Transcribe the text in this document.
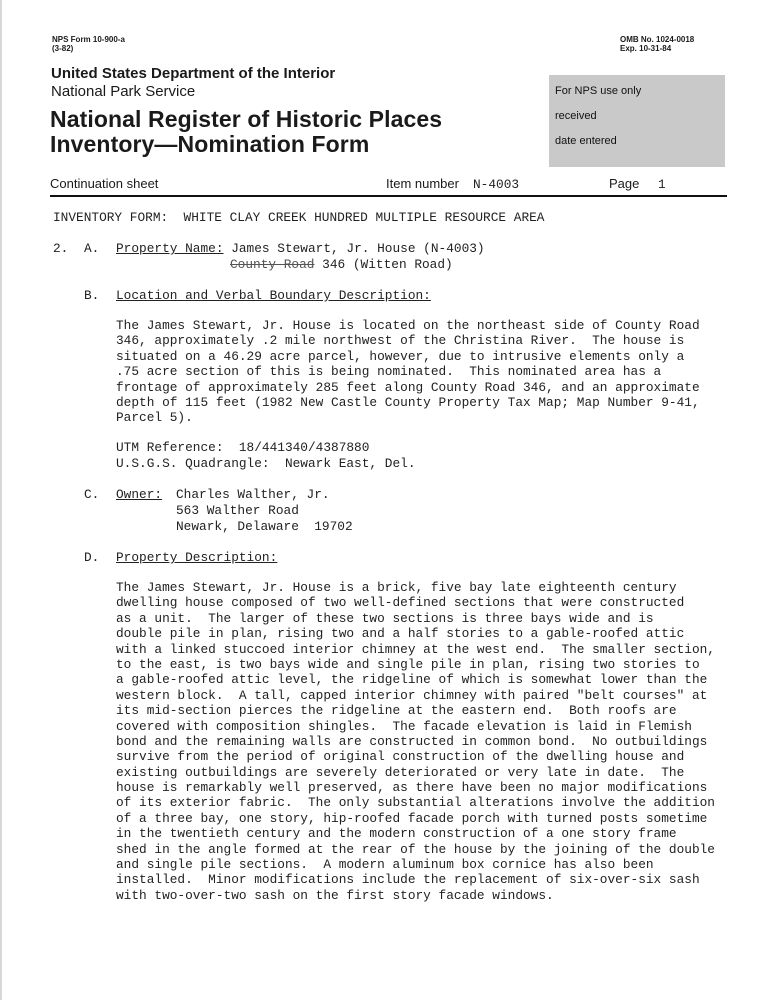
NPS Form 10-900-a
(3-82)
OMB No. 1024-0018
Exp. 10-31-84
United States Department of the Interior
National Park Service
National Register of Historic Places
Inventory—Nomination Form
For NPS use only
received
date entered
Continuation sheet	Item number N-4003	Page 1
INVENTORY FORM:  WHITE CLAY CREEK HUNDRED MULTIPLE RESOURCE AREA
2. A. Property Name: James Stewart, Jr. House (N-4003)
County Road 346 (Witten Road)
B. Location and Verbal Boundary Description:
The James Stewart, Jr. House is located on the northeast side of County Road
346, approximately .2 mile northwest of the Christina River.  The house is
situated on a 46.29 acre parcel, however, due to intrusive elements only a
.75 acre section of this is being nominated.  This nominated area has a
frontage of approximately 285 feet along County Road 346, and an approximate
depth of 115 feet (1982 New Castle County Property Tax Map; Map Number 9-41,
Parcel 5).
UTM Reference:  18/441340/4387880
U.S.G.S. Quadrangle:  Newark East, Del.
C. Owner: Charles Walther, Jr.
563 Walther Road
Newark, Delaware  19702
D. Property Description:
The James Stewart, Jr. House is a brick, five bay late eighteenth century
dwelling house composed of two well-defined sections that were constructed
as a unit.  The larger of these two sections is three bays wide and is
double pile in plan, rising two and a half stories to a gable-roofed attic
with a linked stuccoed interior chimney at the west end.  The smaller section,
to the east, is two bays wide and single pile in plan, rising two stories to
a gable-roofed attic level, the ridgeline of which is somewhat lower than the
western block.  A tall, capped interior chimney with paired "belt courses" at
its mid-section pierces the ridgeline at the eastern end.  Both roofs are
covered with composition shingles.  The facade elevation is laid in Flemish
bond and the remaining walls are constructed in common bond.  No outbuildings
survive from the period of original construction of the dwelling house and
existing outbuildings are severely deteriorated or very late in date.  The
house is remarkably well preserved, as there have been no major modifications
of its exterior fabric.  The only substantial alterations involve the addition
of a three bay, one story, hip-roofed facade porch with turned posts sometime
in the twentieth century and the modern construction of a one story frame
shed in the angle formed at the rear of the house by the joining of the double
and single pile sections.  A modern aluminum box cornice has also been
installed.  Minor modifications include the replacement of six-over-six sash
with two-over-two sash on the first story facade windows.
